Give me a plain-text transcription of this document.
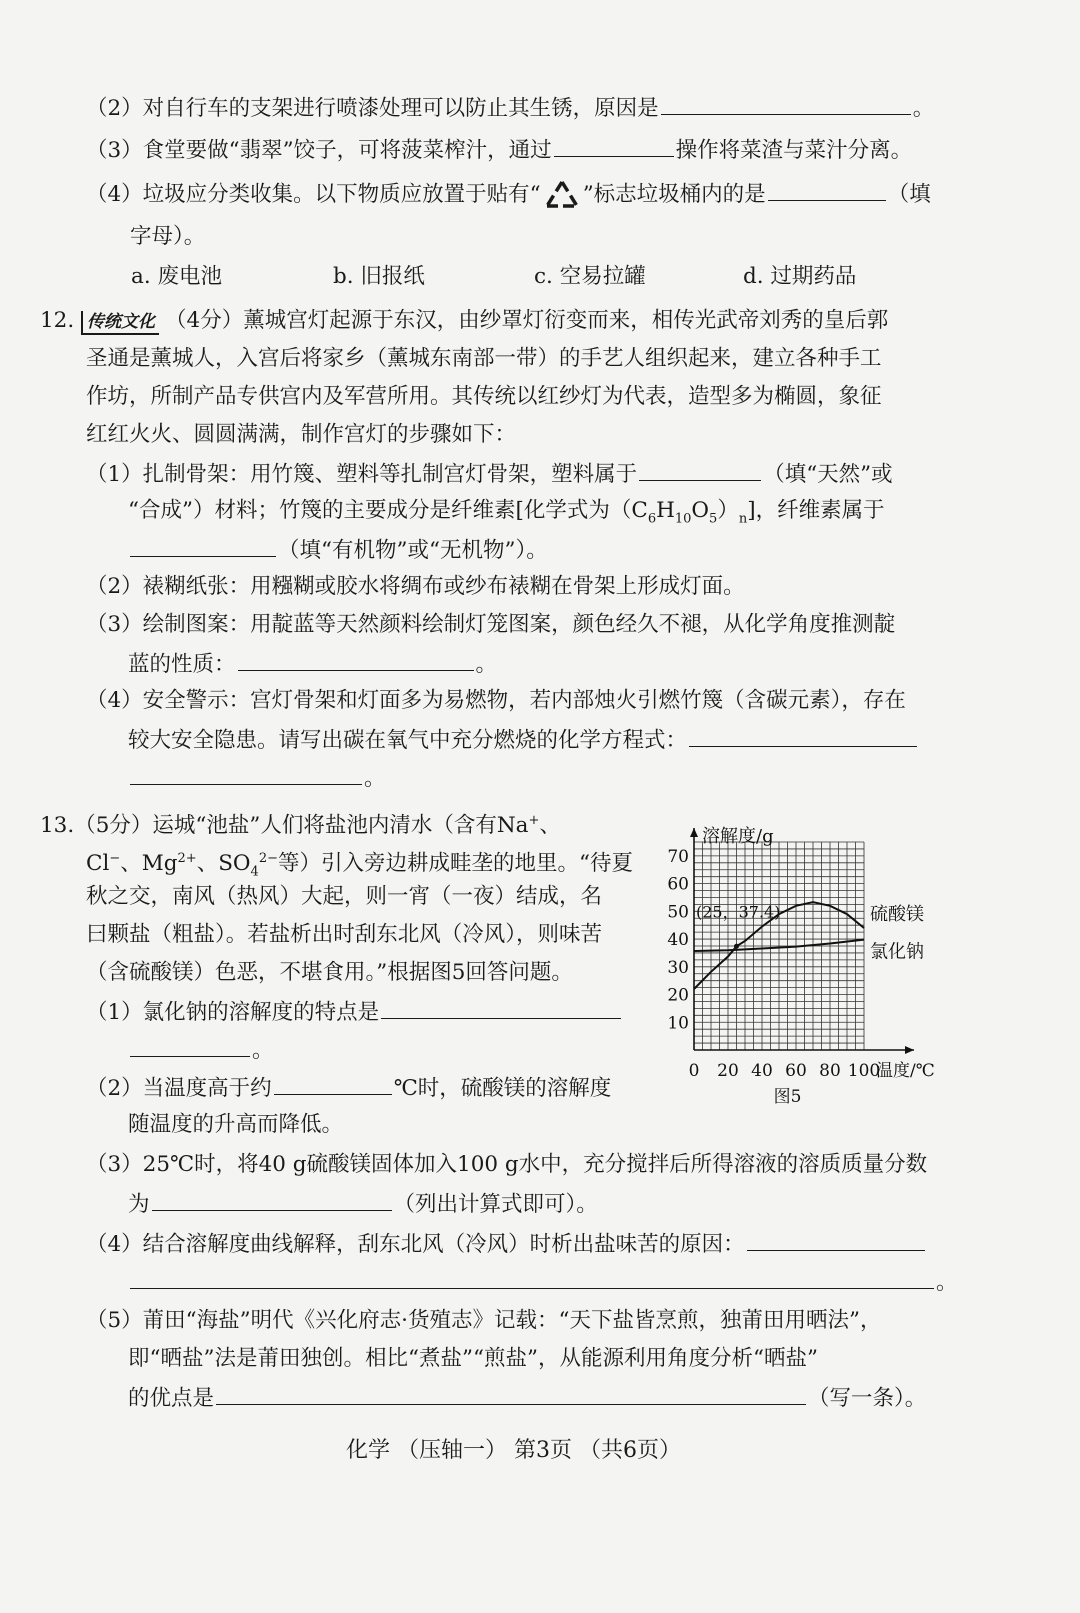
（2）对自行车的支架进行喷漆处理可以防止其生锈，原因是	。
（3）食堂要做“翡翠”饺子，可将菠菜榨汁，通过	操作将菜渣与菜汁分离。
（4）垃圾应分类收集。以下物质应放置于贴有“ ”标志垃圾桶内的是	（填
字母）。
a. 废电池	b. 旧报纸	c. 空易拉罐	d. 过期药品
12. 传统文化 （4分）薰城宫灯起源于东汉，由纱罩灯衍变而来，相传光武帝刘秀的皇后郭
圣通是薰城人，入宫后将家乡（薰城东南部一带）的手艺人组织起来，建立各种手工
作坊，所制产品专供宫内及军营所用。其传统以红纱灯为代表，造型多为椭圆，象征
红红火火、圆圆满满，制作宫灯的步骤如下：
（1）扎制骨架：用竹篾、塑料等扎制宫灯骨架，塑料属于	（填“天然”或
“合成”）材料；竹篾的主要成分是纤维素[化学式为$(C_6H_{10}O_5)_n$]，纤维素属于
（填“有机物”或“无机物”）。
（2）裱糊纸张：用糨糊或胶水将绸布或纱布裱糊在骨架上形成灯面。
（3）绘制图案：用靛蓝等天然颜料绘制灯笼图案，颜色经久不褪，从化学角度推测靛
蓝的性质：	。
（4）安全警示：宫灯骨架和灯面多为易燃物，若内部烛火引燃竹篾（含碳元素），存在
较大安全隐患。请写出碳在氧气中充分燃烧的化学方程式：
。
13.（5分）运城“池盐”人们将盐池内清水（含有Na+、
Cl−、$Mg^{2+}$、$SO_4^{2-}$等）引入旁边耕成畦垄的地里。“待夏
秋之交，南风（热风）大起，则一宵（一夜）结成，名
曰颗盐（粗盐）。若盐析出时刮东北风（冷风），则味苦
（含硫酸镁）色恶，不堪食用。”根据图5回答问题。
（1）氯化钠的溶解度的特点是
。
（2）当温度高于约	℃时，硫酸镁的溶解度
随温度的升高而降低。
（3）25℃时，将40 g硫酸镁固体加入100 g水中，充分搅拌后所得溶液的溶质质量分数
为	（列出计算式即可）。
（4）结合溶解度曲线解释，刮东北风（冷风）时析出盐味苦的原因：
。
（5）莆田“海盐”明代《兴化府志·货殖志》记载：“天下盐皆烹煎，独莆田用晒法”，
即“晒盐”法是莆田独创。相比“煮盐”“煎盐”，从能源利用角度分析“晒盐”
的优点是	（写一条）。
10
20
30
40
50
60
70
0 20 40 60 80 100
溶解度/g
温度/℃
图5
硫酸镁
氯化钠
(25，37.4)
化学 （压轴一） 第3页 （共6页）
